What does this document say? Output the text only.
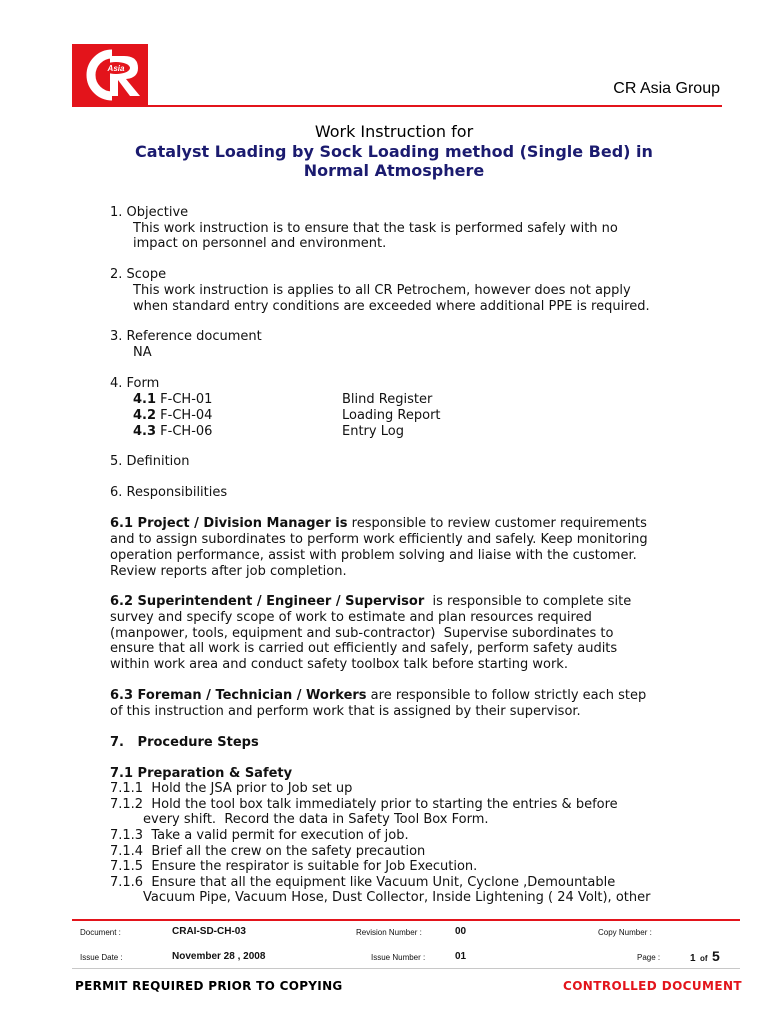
Asia
CR Asia Group
Work Instruction for
Catalyst Loading by Sock Loading method (Single Bed) in
Normal Atmosphere
1. Objective
This work instruction is to ensure that the task is performed safely with no
impact on personnel and environment.
2. Scope
This work instruction is applies to all CR Petrochem, however does not apply
when standard entry conditions are exceeded where additional PPE is required.
3. Reference document
NA
4. Form
4.1 F-CH-01	Blind Register
4.2 F-CH-04	Loading Report
4.3 F-CH-06	Entry Log
5. Definition
6. Responsibilities
6.1 Project / Division Manager is responsible to review customer requirements
and to assign subordinates to perform work efficiently and safely. Keep monitoring
operation performance, assist with problem solving and liaise with the customer.
Review reports after job completion.
6.2 Superintendent / Engineer / Supervisor  is responsible to complete site
survey and specify scope of work to estimate and plan resources required
(manpower, tools, equipment and sub-contractor)  Supervise subordinates to
ensure that all work is carried out efficiently and safely, perform safety audits
within work area and conduct safety toolbox talk before starting work.
6.3 Foreman / Technician / Workers are responsible to follow strictly each step
of this instruction and perform work that is assigned by their supervisor.
7.   Procedure Steps
7.1 Preparation & Safety
7.1.1  Hold the JSA prior to Job set up
7.1.2  Hold the tool box talk immediately prior to starting the entries & before
every shift.  Record the data in Safety Tool Box Form.
7.1.3  Take a valid permit for execution of job.
7.1.4  Brief all the crew on the safety precaution
7.1.5  Ensure the respirator is suitable for Job Execution.
7.1.6  Ensure that all the equipment like Vacuum Unit, Cyclone ,Demountable
Vacuum Pipe, Vacuum Hose, Dust Collector, Inside Lightening ( 24 Volt), other
Document :	CRAI-SD-CH-03	Revision Number :	00	Copy Number :
Issue Date :	November 28 , 2008	Issue Number :	01	Page :	1 of 5
PERMIT REQUIRED PRIOR TO COPYING	CONTROLLED DOCUMENT
